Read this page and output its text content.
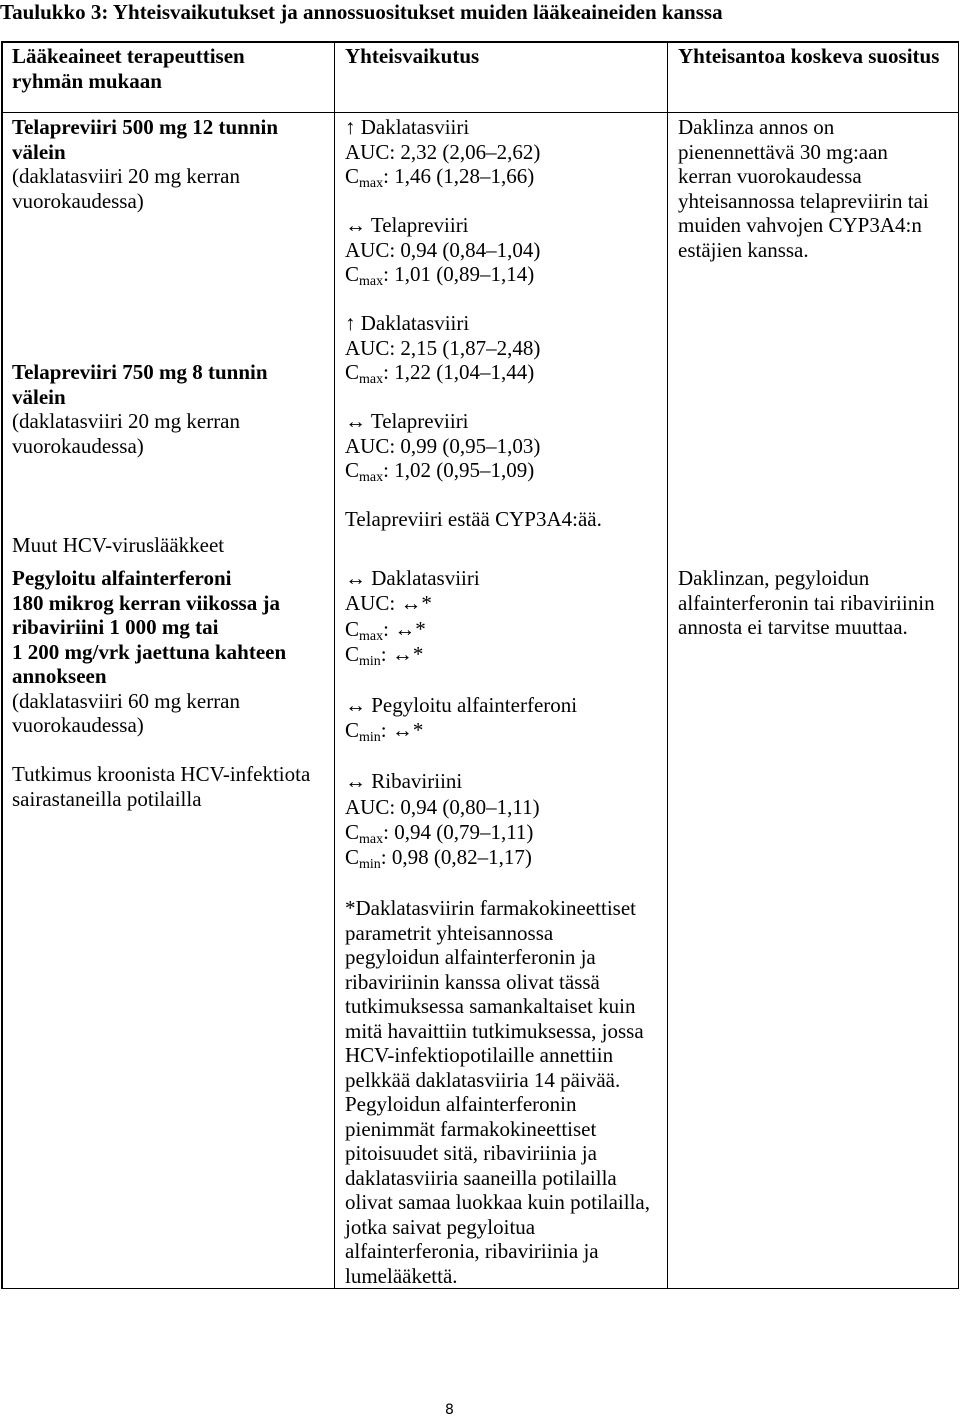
Taulukko 3: Yhteisvaikutukset ja annossuositukset muiden lääkeaineiden kanssa
Lääkeaineet terapeuttisen
ryhmän mukaan
Yhteisvaikutus	Yhteisantoa koskeva suositus
Telapreviiri 500 mg 12 tunnin
välein
(daklatasviiri 20 mg kerran
vuorokaudessa)
↑ Daklatasviiri
AUC: 2,32 (2,06–2,62)
Cmax: 1,46 (1,28–1,66)
↔ Telapreviiri
AUC: 0,94 (0,84–1,04)
Cmax: 1,01 (0,89–1,14)
Daklinza annos on
pienennettävä 30 mg:aan
kerran vuorokaudessa
yhteisannossa telapreviirin tai
muiden vahvojen CYP3A4:n
estäjien kanssa.
Telapreviiri 750 mg 8 tunnin
välein
(daklatasviiri 20 mg kerran
vuorokaudessa)
↑ Daklatasviiri
AUC: 2,15 (1,87–2,48)
Cmax: 1,22 (1,04–1,44)
↔ Telapreviiri
AUC: 0,99 (0,95–1,03)
Cmax: 1,02 (0,95–1,09)
Telapreviiri estää CYP3A4:ää.
Muut HCV-viruslääkkeet
Pegyloitu alfainterferoni
180 mikrog kerran viikossa ja
ribaviriini 1 000 mg tai
1 200 mg/vrk jaettuna kahteen
annokseen
(daklatasviiri 60 mg kerran
vuorokaudessa)
Tutkimus kroonista HCV-infektiota
sairastaneilla potilailla
↔ Daklatasviiri
AUC: ↔*
Cmax: ↔*
Cmin: ↔*
↔ Pegyloitu alfainterferoni
Cmin: ↔*
↔ Ribaviriini
AUC: 0,94 (0,80–1,11)
Cmax: 0,94 (0,79–1,11)
Cmin: 0,98 (0,82–1,17)
*Daklatasviirin farmakokineettiset
parametrit yhteisannossa
pegyloidun alfainterferonin ja
ribaviriinin kanssa olivat tässä
tutkimuksessa samankaltaiset kuin
mitä havaittiin tutkimuksessa, jossa
HCV-infektiopotilaille annettiin
pelkkää daklatasviiria 14 päivää.
Pegyloidun alfainterferonin
pienimmät farmakokineettiset
pitoisuudet sitä, ribaviriinia ja
daklatasviiria saaneilla potilailla
olivat samaa luokkaa kuin potilailla,
jotka saivat pegyloitua
alfainterferonia, ribaviriinia ja
lumelääkettä.
Daklinzan, pegyloidun
alfainterferonin tai ribaviriinin
annosta ei tarvitse muuttaa.
8
